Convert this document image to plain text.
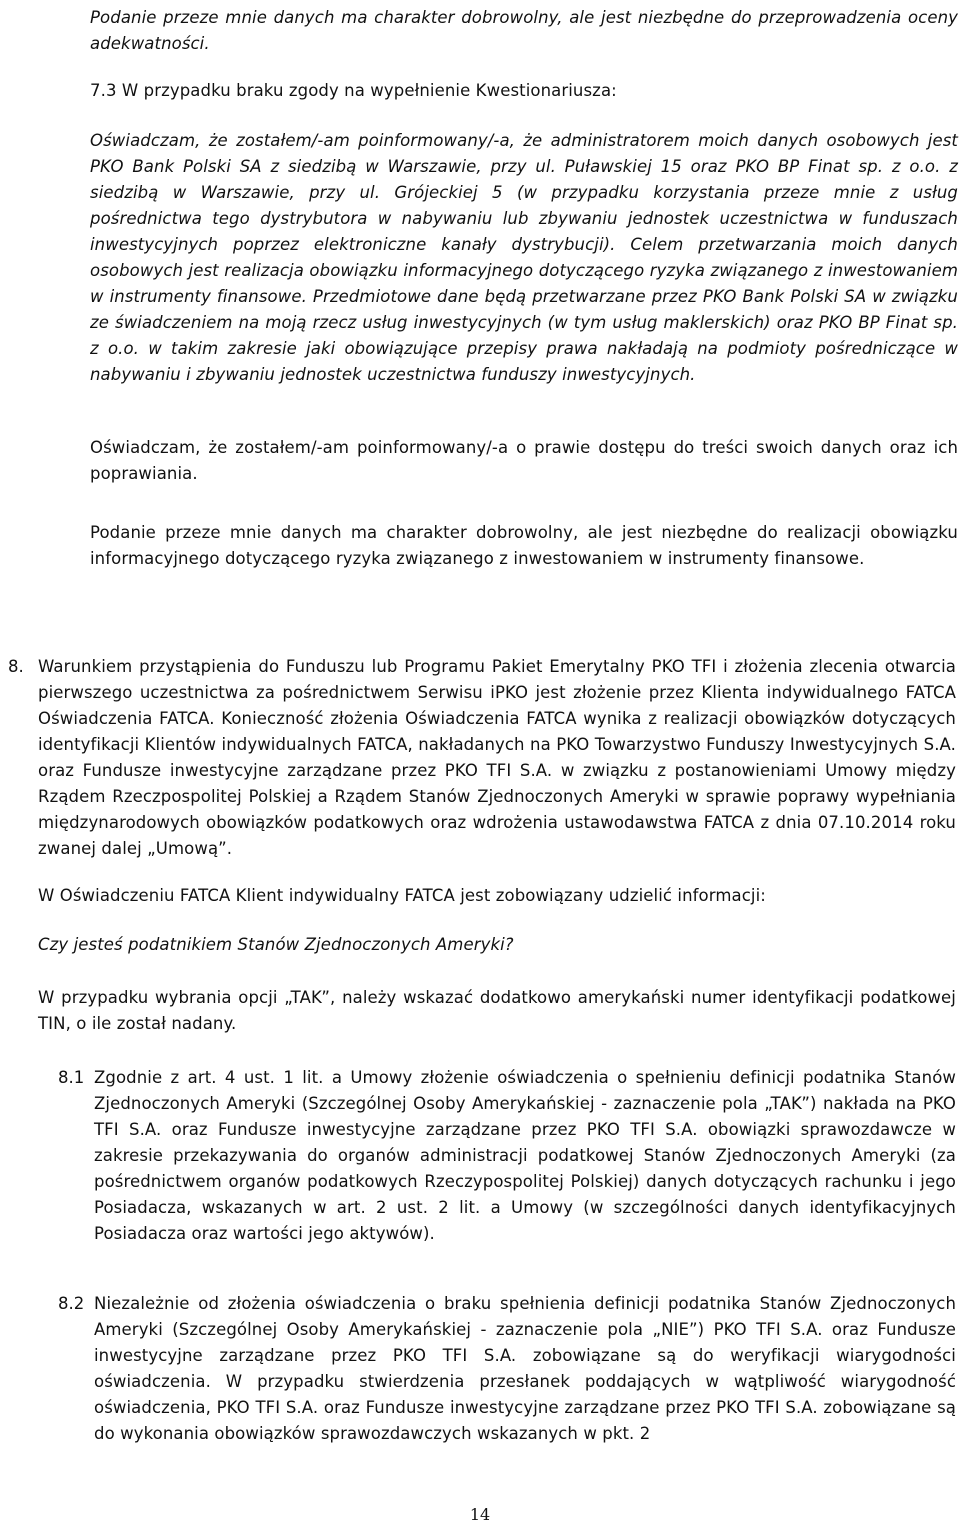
Podanie przeze mnie danych ma charakter dobrowolny, ale jest niezbędne do przeprowadzenia oceny adekwatności.

7.3 W przypadku braku zgody na wypełnienie Kwestionariusza:

Oświadczam, że zostałem/-am poinformowany/-a, że administratorem moich danych osobowych jest PKO Bank Polski SA z siedzibą w Warszawie, przy ul. Puławskiej 15 oraz PKO BP Finat sp. z o.o. z siedzibą w Warszawie, przy ul. Grójeckiej 5 (w przypadku korzystania przeze mnie z usług pośrednictwa tego dystrybutora w nabywaniu lub zbywaniu jednostek uczestnictwa w funduszach inwestycyjnych poprzez elektroniczne kanały dystrybucji). Celem przetwarzania moich danych osobowych jest realizacja obowiązku informacyjnego dotyczącego ryzyka związanego z inwestowaniem w instrumenty finansowe. Przedmiotowe dane będą przetwarzane przez PKO Bank Polski SA w związku ze świadczeniem na moją rzecz usług inwestycyjnych (w tym usług maklerskich) oraz PKO BP Finat sp. z o.o. w takim zakresie jaki obowiązujące przepisy prawa nakładają na podmioty pośredniczące w nabywaniu i zbywaniu jednostek uczestnictwa funduszy inwestycyjnych.

Oświadczam, że zostałem/-am poinformowany/-a o prawie dostępu do treści swoich danych oraz ich poprawiania.

Podanie przeze mnie danych ma charakter dobrowolny, ale jest niezbędne do realizacji obowiązku informacyjnego dotyczącego ryzyka związanego z inwestowaniem w instrumenty finansowe.

8. Warunkiem przystąpienia do Funduszu lub Programu Pakiet Emerytalny PKO TFI i złożenia zlecenia otwarcia pierwszego uczestnictwa za pośrednictwem Serwisu iPKO jest złożenie przez Klienta indywidualnego FATCA Oświadczenia FATCA. Konieczność złożenia Oświadczenia FATCA wynika z realizacji obowiązków dotyczących identyfikacji Klientów indywidualnych FATCA, nakładanych na PKO Towarzystwo Funduszy Inwestycyjnych S.A. oraz Fundusze inwestycyjne zarządzane przez PKO TFI S.A. w związku z postanowieniami Umowy między Rządem Rzeczpospolitej Polskiej a Rządem Stanów Zjednoczonych Ameryki w sprawie poprawy wypełniania międzynarodowych obowiązków podatkowych oraz wdrożenia ustawodawstwa FATCA z dnia 07.10.2014 roku zwanej dalej „Umową”.

W Oświadczeniu FATCA Klient indywidualny FATCA jest zobowiązany udzielić informacji:

Czy jesteś podatnikiem Stanów Zjednoczonych Ameryki?

W przypadku wybrania opcji „TAK”, należy wskazać dodatkowo amerykański numer identyfikacji podatkowej TIN, o ile został nadany.

8.1 Zgodnie z art. 4 ust. 1 lit. a Umowy złożenie oświadczenia o spełnieniu definicji podatnika Stanów Zjednoczonych Ameryki (Szczególnej Osoby Amerykańskiej - zaznaczenie pola „TAK”) nakłada na PKO TFI S.A. oraz Fundusze inwestycyjne zarządzane przez PKO TFI S.A. obowiązki sprawozdawcze w zakresie przekazywania do organów administracji podatkowej Stanów Zjednoczonych Ameryki (za pośrednictwem organów podatkowych Rzeczypospolitej Polskiej) danych dotyczących rachunku i jego Posiadacza, wskazanych w art. 2 ust. 2 lit. a Umowy (w szczególności danych identyfikacyjnych Posiadacza oraz wartości jego aktywów).

8.2 Niezależnie od złożenia oświadczenia o braku spełnienia definicji podatnika Stanów Zjednoczonych Ameryki (Szczególnej Osoby Amerykańskiej - zaznaczenie pola „NIE”) PKO TFI S.A. oraz Fundusze inwestycyjne zarządzane przez PKO TFI S.A. zobowiązane są do weryfikacji wiarygodności oświadczenia. W przypadku stwierdzenia przesłanek poddających w wątpliwość wiarygodność oświadczenia, PKO TFI S.A. oraz Fundusze inwestycyjne zarządzane przez PKO TFI S.A. zobowiązane są do wykonania obowiązków sprawozdawczych wskazanych w pkt. 2

14
